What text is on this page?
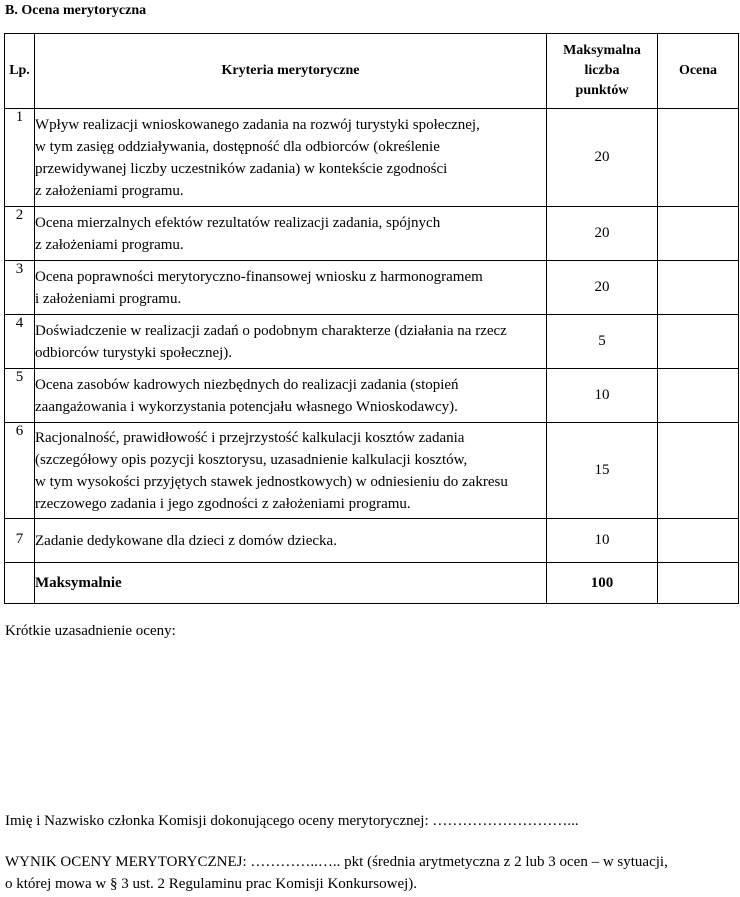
B. Ocena merytoryczna
Lp.	Kryteria merytoryczne	Maksymalna
liczba
punktów	Ocena
1	Wpływ realizacji wnioskowanego zadania na rozwój turystyki społecznej,
w tym zasięg oddziaływania, dostępność dla odbiorców (określenie
przewidywanej liczby uczestników zadania) w kontekście zgodności
z założeniami programu.	20	
2	Ocena mierzalnych efektów rezultatów realizacji zadania, spójnych
z założeniami programu.	20	
3	Ocena poprawności merytoryczno-finansowej wniosku z harmonogramem
i założeniami programu.	20	
4	Doświadczenie w realizacji zadań o podobnym charakterze (działania na rzecz
odbiorców turystyki społecznej).	5	
5	Ocena zasobów kadrowych niezbędnych do realizacji zadania (stopień
zaangażowania i wykorzystania potencjału własnego Wnioskodawcy).	10	
6	Racjonalność, prawidłowość i przejrzystość kalkulacji kosztów zadania
(szczegółowy opis pozycji kosztorysu, uzasadnienie kalkulacji kosztów,
w tym wysokości przyjętych stawek jednostkowych) w odniesieniu do zakresu
rzeczowego zadania i jego zgodności z założeniami programu.	15	
7	Zadanie dedykowane dla dzieci z domów dziecka.	10	
	Maksymalnie	100	

Krótkie uzasadnienie oceny:

Imię i Nazwisko członka Komisji dokonującego oceny merytorycznej: ………………………...

WYNIK OCENY MERYTORYCZNEJ: …………..….. pkt (średnia arytmetyczna z 2 lub 3 ocen – w sytuacji,
o której mowa w § 3 ust. 2 Regulaminu prac Komisji Konkursowej).
